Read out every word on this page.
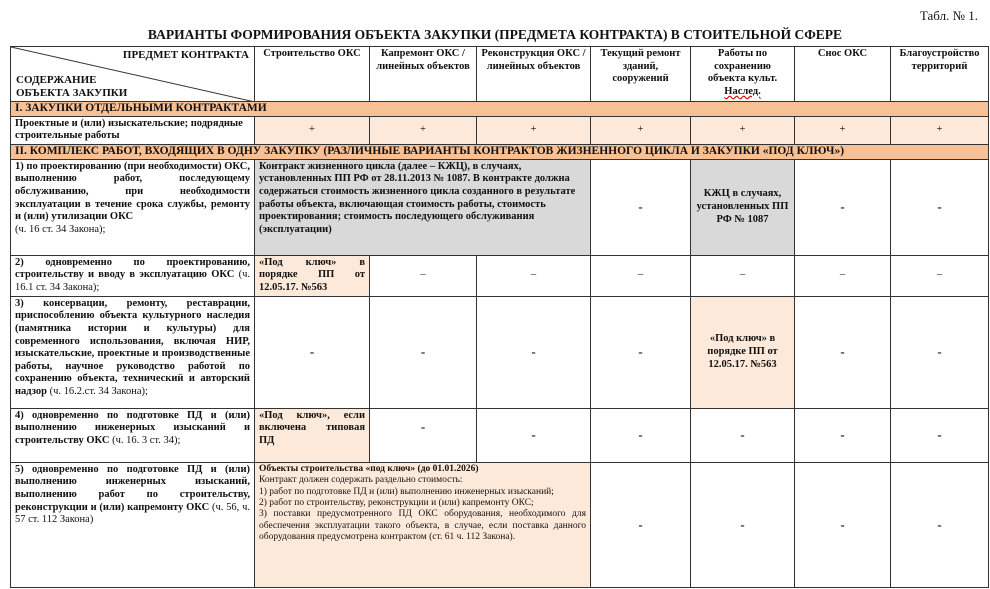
Табл. № 1.
ВАРИАНТЫ ФОРМИРОВАНИЯ ОБЪЕКТА ЗАКУПКИ (ПРЕДМЕТА КОНТРАКТА) В СТОИТЕЛЬНОЙ СФЕРЕ
ПРЕДМЕТ КОНТРАКТА
СОДЕРЖАНИЕ
ОБЪЕКТА ЗАКУПКИ	Строительство ОКС	Капремонт ОКС / линейных объектов	Реконструкция ОКС / линейных объектов	Текущий ремонт зданий, сооружений	Работы по сохранению объекта культ. Наслед.	Снос ОКС	Благоустройство территорий
I. ЗАКУПКИ ОТДЕЛЬНЫМИ КОНТРАКТАМИ							
Проектные и (или) изыскательские; подрядные строительные работы	+	+	+	+	+	+	+
II. КОМПЛЕКС РАБОТ, ВХОДЯЩИХ В ОДНУ ЗАКУПКУ (РАЗЛИЧНЫЕ ВАРИАНТЫ КОНТРАКТОВ ЖИЗНЕННОГО ЦИКЛА И ЗАКУПКИ «ПОД КЛЮЧ»)							
1) по проектированию (при необходимости) ОКС, выполнению работ, последующему обслуживанию, при необходимости эксплуатации в течение срока службы, ремонту и (или) утилизации ОКС
(ч. 16 ст. 34 Закона);	Контракт жизненного цикла (далее – КЖЦ), в случаях, установленных ПП РФ от 28.11.2013 № 1087. В контракте должна содержаться стоимость жизненного цикла созданного в результате работы объекта, включающая стоимость работы, стоимость проектирования; стоимость последующего обслуживания (эксплуатации)			-	КЖЦ в случаях, установленных ПП РФ № 1087	-	-
2) одновременно по проектированию, строительству и вводу в эксплуатацию ОКС (ч. 16.1 ст. 34 Закона);	«Под ключ» в порядке ПП от 12.05.17. №563	–	–	–	–	–	–
3) консервации, ремонту, реставрации, приспособлению объекта культурного наследия (памятника истории и культуры) для современного использования, включая НИР, изыскательские, проектные и производственные работы, научное руководство работой по сохранению объекта, технический и авторский надзор (ч. 16.2.ст. 34 Закона);	-	-	-	-	«Под ключ» в порядке ПП от 12.05.17. №563	-	-
4) одновременно по подготовке ПД и (или) выполнению инженерных изысканий и строительству ОКС (ч. 16. 3 ст. 34);	«Под ключ», если включена типовая ПД	-	-	-	-	-	-
5) одновременно по подготовке ПД и (или) выполнению инженерных изысканий, выполнению работ по строительству, реконструкции и (или) капремонту ОКС (ч. 56, ч. 57 ст. 112 Закона)	Объекты строительства «под ключ» (до 01.01.2026)
Контракт должен содержать раздельно стоимость:
1) работ по подготовке ПД и (или) выполнению инженерных изысканий;
2) работ по строительству, реконструкции и (или) капремонту ОКС;
3) поставки предусмотренного ПД ОКС оборудования, необходимого для обеспечения эксплуатации такого объекта, в случае, если поставка данного оборудования предусмотрена контрактом (ст. 61 ч. 112 Закона).			-	-	-	-
